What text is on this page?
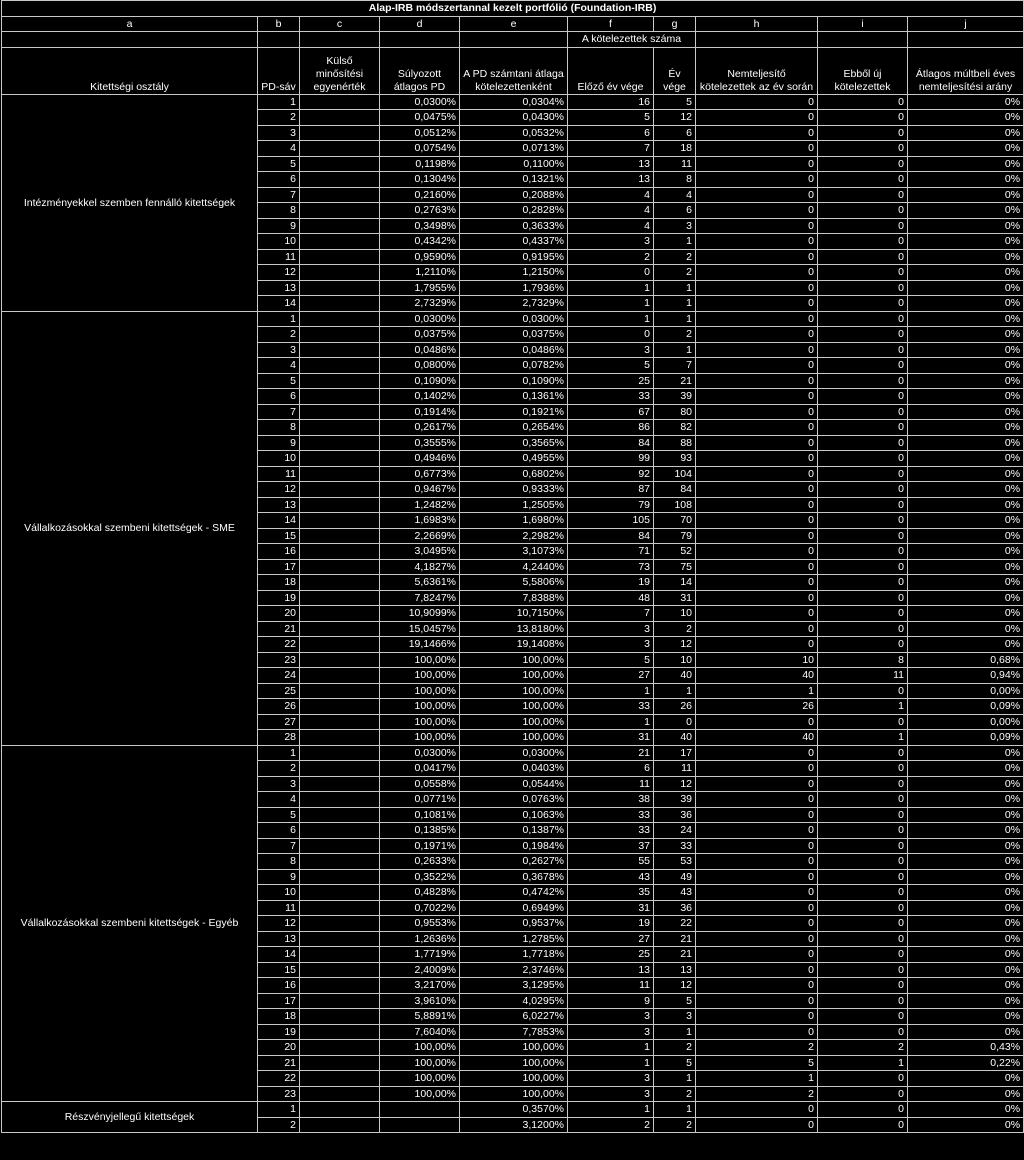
Alap-IRB módszertannal kezelt portfólió (Foundation-IRB)									
a	b	c	d	e	f	g	h	i	j
					A kötelezettek száma				
Kitettségi osztály	PD-sáv	Külső minősítési egyenérték	Súlyozott átlagos PD	A PD számtani átlaga kötelezettenként	Előző év vége	Év vége	Nemteljesítő kötelezettek az év során	Ebből új kötelezettek	Átlagos múltbeli éves nemteljesítési arány
Intézményekkel szemben fennálló kitettségek	1		0,0300%	0,0304%	16	5	0	0	0%
	2		0,0475%	0,0430%	5	12	0	0	0%
	3		0,0512%	0,0532%	6	6	0	0	0%
	4		0,0754%	0,0713%	7	18	0	0	0%
	5		0,1198%	0,1100%	13	11	0	0	0%
	6		0,1304%	0,1321%	13	8	0	0	0%
	7		0,2160%	0,2088%	4	4	0	0	0%
	8		0,2763%	0,2828%	4	6	0	0	0%
	9		0,3498%	0,3633%	4	3	0	0	0%
	10		0,4342%	0,4337%	3	1	0	0	0%
	11		0,9590%	0,9195%	2	2	0	0	0%
	12		1,2110%	1,2150%	0	2	0	0	0%
	13		1,7955%	1,7936%	1	1	0	0	0%
	14		2,7329%	2,7329%	1	1	0	0	0%
Vállalkozásokkal szembeni kitettségek - SME	1		0,0300%	0,0300%	1	1	0	0	0%
	2		0,0375%	0,0375%	0	2	0	0	0%
	3		0,0486%	0,0486%	3	1	0	0	0%
	4		0,0800%	0,0782%	5	7	0	0	0%
	5		0,1090%	0,1090%	25	21	0	0	0%
	6		0,1402%	0,1361%	33	39	0	0	0%
	7		0,1914%	0,1921%	67	80	0	0	0%
	8		0,2617%	0,2654%	86	82	0	0	0%
	9		0,3555%	0,3565%	84	88	0	0	0%
	10		0,4946%	0,4955%	99	93	0	0	0%
	11		0,6773%	0,6802%	92	104	0	0	0%
	12		0,9467%	0,9333%	87	84	0	0	0%
	13		1,2482%	1,2505%	79	108	0	0	0%
	14		1,6983%	1,6980%	105	70	0	0	0%
	15		2,2669%	2,2982%	84	79	0	0	0%
	16		3,0495%	3,1073%	71	52	0	0	0%
	17		4,1827%	4,2440%	73	75	0	0	0%
	18		5,6361%	5,5806%	19	14	0	0	0%
	19		7,8247%	7,8388%	48	31	0	0	0%
	20		10,9099%	10,7150%	7	10	0	0	0%
	21		15,0457%	13,8180%	3	2	0	0	0%
	22		19,1466%	19,1408%	3	12	0	0	0%
	23		100,00%	100,00%	5	10	10	8	0,68%
	24		100,00%	100,00%	27	40	40	11	0,94%
	25		100,00%	100,00%	1	1	1	0	0,00%
	26		100,00%	100,00%	33	26	26	1	0,09%
	27		100,00%	100,00%	1	0	0	0	0,00%
	28		100,00%	100,00%	31	40	40	1	0,09%
Vállalkozásokkal szembeni kitettségek - Egyéb	1		0,0300%	0,0300%	21	17	0	0	0%
	2		0,0417%	0,0403%	6	11	0	0	0%
	3		0,0558%	0,0544%	11	12	0	0	0%
	4		0,0771%	0,0763%	38	39	0	0	0%
	5		0,1081%	0,1063%	33	36	0	0	0%
	6		0,1385%	0,1387%	33	24	0	0	0%
	7		0,1971%	0,1984%	37	33	0	0	0%
	8		0,2633%	0,2627%	55	53	0	0	0%
	9		0,3522%	0,3678%	43	49	0	0	0%
	10		0,4828%	0,4742%	35	43	0	0	0%
	11		0,7022%	0,6949%	31	36	0	0	0%
	12		0,9553%	0,9537%	19	22	0	0	0%
	13		1,2636%	1,2785%	27	21	0	0	0%
	14		1,7719%	1,7718%	25	21	0	0	0%
	15		2,4009%	2,3746%	13	13	0	0	0%
	16		3,2170%	3,1295%	11	12	0	0	0%
	17		3,9610%	4,0295%	9	5	0	0	0%
	18		5,8891%	6,0227%	3	3	0	0	0%
	19		7,6040%	7,7853%	3	1	0	0	0%
	20		100,00%	100,00%	1	2	2	2	0,43%
	21		100,00%	100,00%	1	5	5	1	0,22%
	22		100,00%	100,00%	3	1	1	0	0%
	23		100,00%	100,00%	3	2	2	0	0%
Részvényjellegű kitettségek	1			0,3570%	1	1	0	0	0%
	2			3,1200%	2	2	0	0	0%
